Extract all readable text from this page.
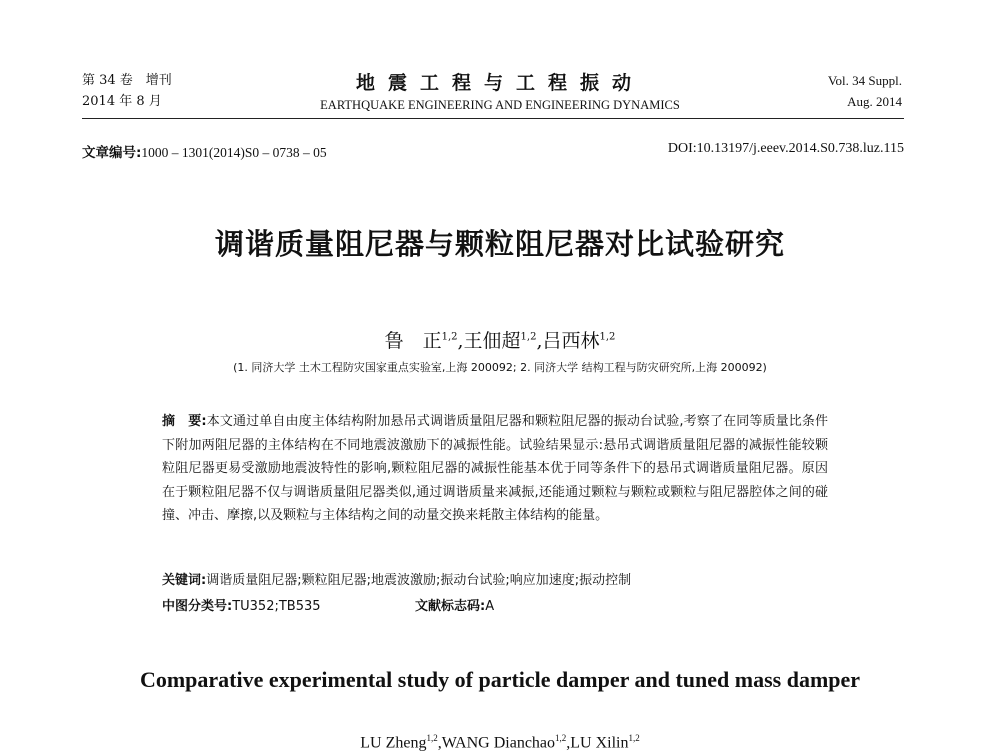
第 34 卷　增刊
2014 年 8 月
地震工程与工程振动
EARTHQUAKE ENGINEERING AND ENGINEERING DYNAMICS
Vol. 34 Suppl.
Aug. 2014
文章编号:1000 – 1301(2014)S0 – 0738 – 05	DOI:10.13197/j.eeev.2014.S0.738.luz.115
调谐质量阻尼器与颗粒阻尼器对比试验研究
鲁　正$^{1,2}$,王佃超$^{1,2}$,吕西林$^{1,2}$
(1. 同济大学 土木工程防灾国家重点实验室,上海 200092; 2. 同济大学 结构工程与防灾研究所,上海 200092)
摘　要:本文通过单自由度主体结构附加悬吊式调谐质量阻尼器和颗粒阻尼器的振动台试验,考察了在同等质量比条件下附加两阻尼器的主体结构在不同地震波激励下的减振性能。试验结果显示:悬吊式调谐质量阻尼器的减振性能较颗粒阻尼器更易受激励地震波特性的影响,颗粒阻尼器的减振性能基本优于同等条件下的悬吊式调谐质量阻尼器。原因在于颗粒阻尼器不仅与调谐质量阻尼器类似,通过调谐质量来减振,还能通过颗粒与颗粒或颗粒与阻尼器腔体之间的碰撞、冲击、摩擦,以及颗粒与主体结构之间的动量交换来耗散主体结构的能量。
关键词:调谐质量阻尼器;颗粒阻尼器;地震波激励;振动台试验;响应加速度;振动控制
中图分类号:TU352;TB535	文献标志码:A
Comparative experimental study of particle damper and tuned mass damper
LU Zheng$^{1,2}$,WANG Dianchao$^{1,2}$,LU Xilin$^{1,2}$
